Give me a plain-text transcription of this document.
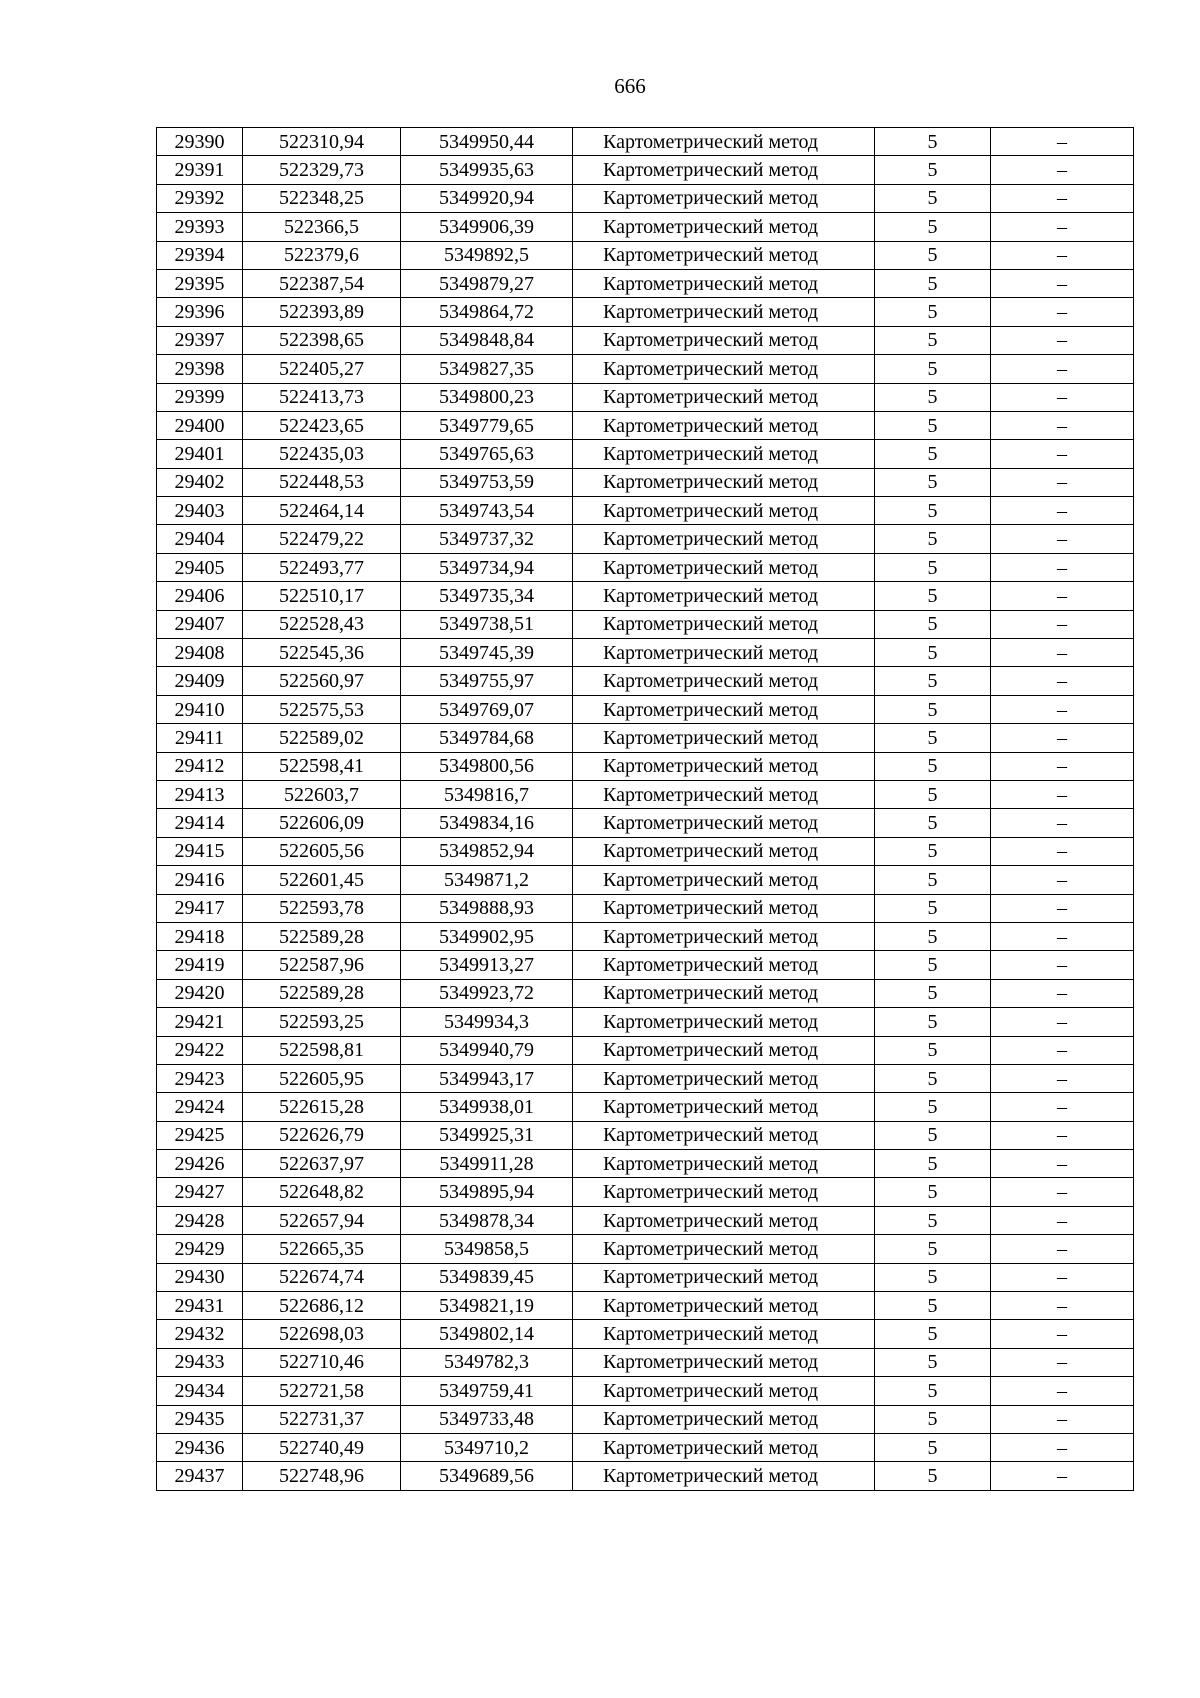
666
29390	522310,94	5349950,44	Картометрический метод	5	–
29391	522329,73	5349935,63	Картометрический метод	5	–
29392	522348,25	5349920,94	Картометрический метод	5	–
29393	522366,5	5349906,39	Картометрический метод	5	–
29394	522379,6	5349892,5	Картометрический метод	5	–
29395	522387,54	5349879,27	Картометрический метод	5	–
29396	522393,89	5349864,72	Картометрический метод	5	–
29397	522398,65	5349848,84	Картометрический метод	5	–
29398	522405,27	5349827,35	Картометрический метод	5	–
29399	522413,73	5349800,23	Картометрический метод	5	–
29400	522423,65	5349779,65	Картометрический метод	5	–
29401	522435,03	5349765,63	Картометрический метод	5	–
29402	522448,53	5349753,59	Картометрический метод	5	–
29403	522464,14	5349743,54	Картометрический метод	5	–
29404	522479,22	5349737,32	Картометрический метод	5	–
29405	522493,77	5349734,94	Картометрический метод	5	–
29406	522510,17	5349735,34	Картометрический метод	5	–
29407	522528,43	5349738,51	Картометрический метод	5	–
29408	522545,36	5349745,39	Картометрический метод	5	–
29409	522560,97	5349755,97	Картометрический метод	5	–
29410	522575,53	5349769,07	Картометрический метод	5	–
29411	522589,02	5349784,68	Картометрический метод	5	–
29412	522598,41	5349800,56	Картометрический метод	5	–
29413	522603,7	5349816,7	Картометрический метод	5	–
29414	522606,09	5349834,16	Картометрический метод	5	–
29415	522605,56	5349852,94	Картометрический метод	5	–
29416	522601,45	5349871,2	Картометрический метод	5	–
29417	522593,78	5349888,93	Картометрический метод	5	–
29418	522589,28	5349902,95	Картометрический метод	5	–
29419	522587,96	5349913,27	Картометрический метод	5	–
29420	522589,28	5349923,72	Картометрический метод	5	–
29421	522593,25	5349934,3	Картометрический метод	5	–
29422	522598,81	5349940,79	Картометрический метод	5	–
29423	522605,95	5349943,17	Картометрический метод	5	–
29424	522615,28	5349938,01	Картометрический метод	5	–
29425	522626,79	5349925,31	Картометрический метод	5	–
29426	522637,97	5349911,28	Картометрический метод	5	–
29427	522648,82	5349895,94	Картометрический метод	5	–
29428	522657,94	5349878,34	Картометрический метод	5	–
29429	522665,35	5349858,5	Картометрический метод	5	–
29430	522674,74	5349839,45	Картометрический метод	5	–
29431	522686,12	5349821,19	Картометрический метод	5	–
29432	522698,03	5349802,14	Картометрический метод	5	–
29433	522710,46	5349782,3	Картометрический метод	5	–
29434	522721,58	5349759,41	Картометрический метод	5	–
29435	522731,37	5349733,48	Картометрический метод	5	–
29436	522740,49	5349710,2	Картометрический метод	5	–
29437	522748,96	5349689,56	Картометрический метод	5	–
